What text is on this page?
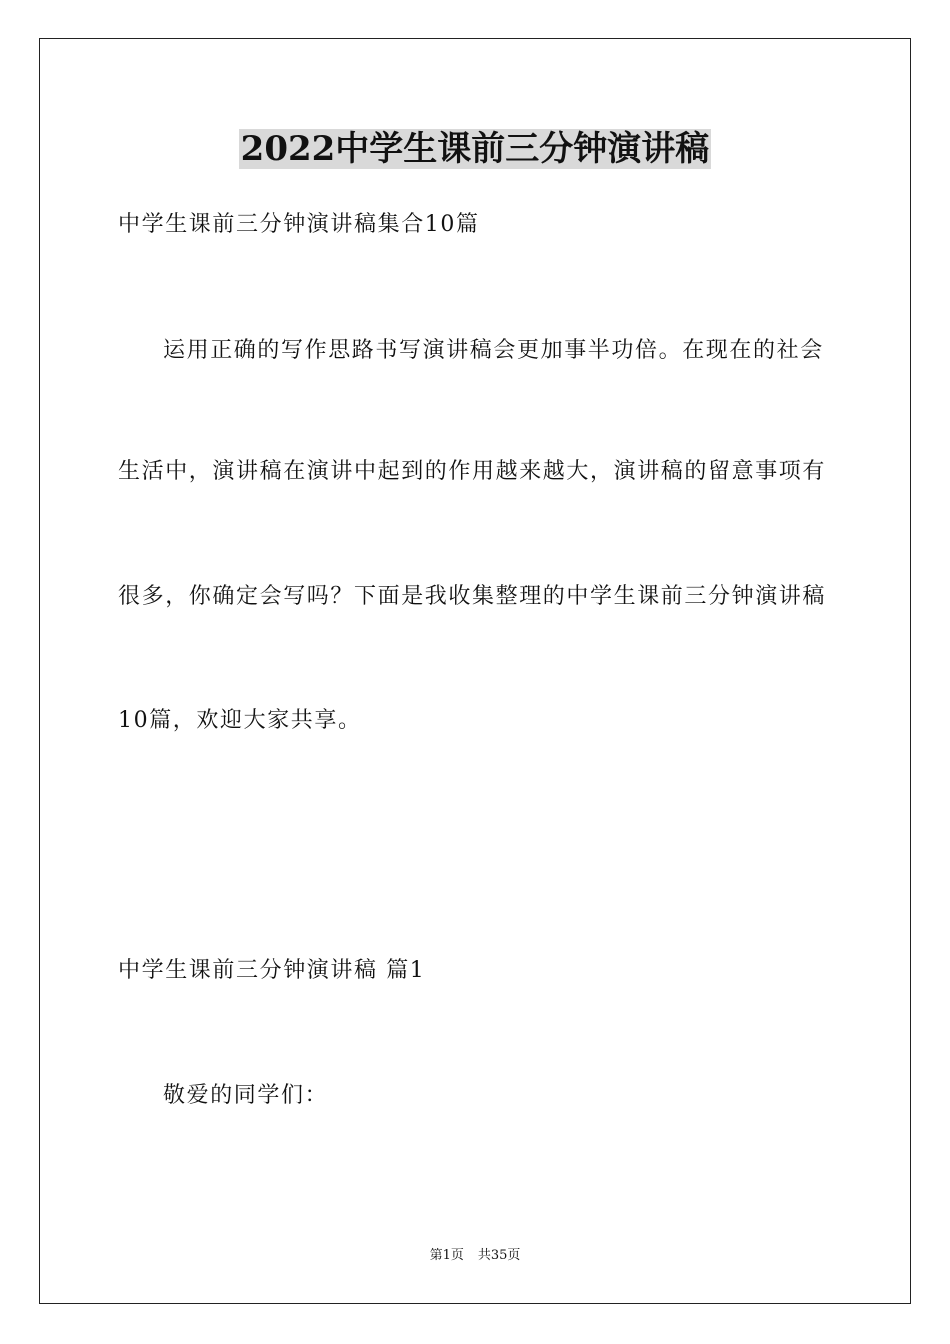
2022中学生课前三分钟演讲稿
中学生课前三分钟演讲稿集合10篇
运用正确的写作思路书写演讲稿会更加事半功倍。在现在的社会
生活中，演讲稿在演讲中起到的作用越来越大，演讲稿的留意事项有
很多，你确定会写吗？下面是我收集整理的中学生课前三分钟演讲稿
10篇，欢迎大家共享。
中学生课前三分钟演讲稿 篇1
敬爱的同学们：
第1页 共35页
